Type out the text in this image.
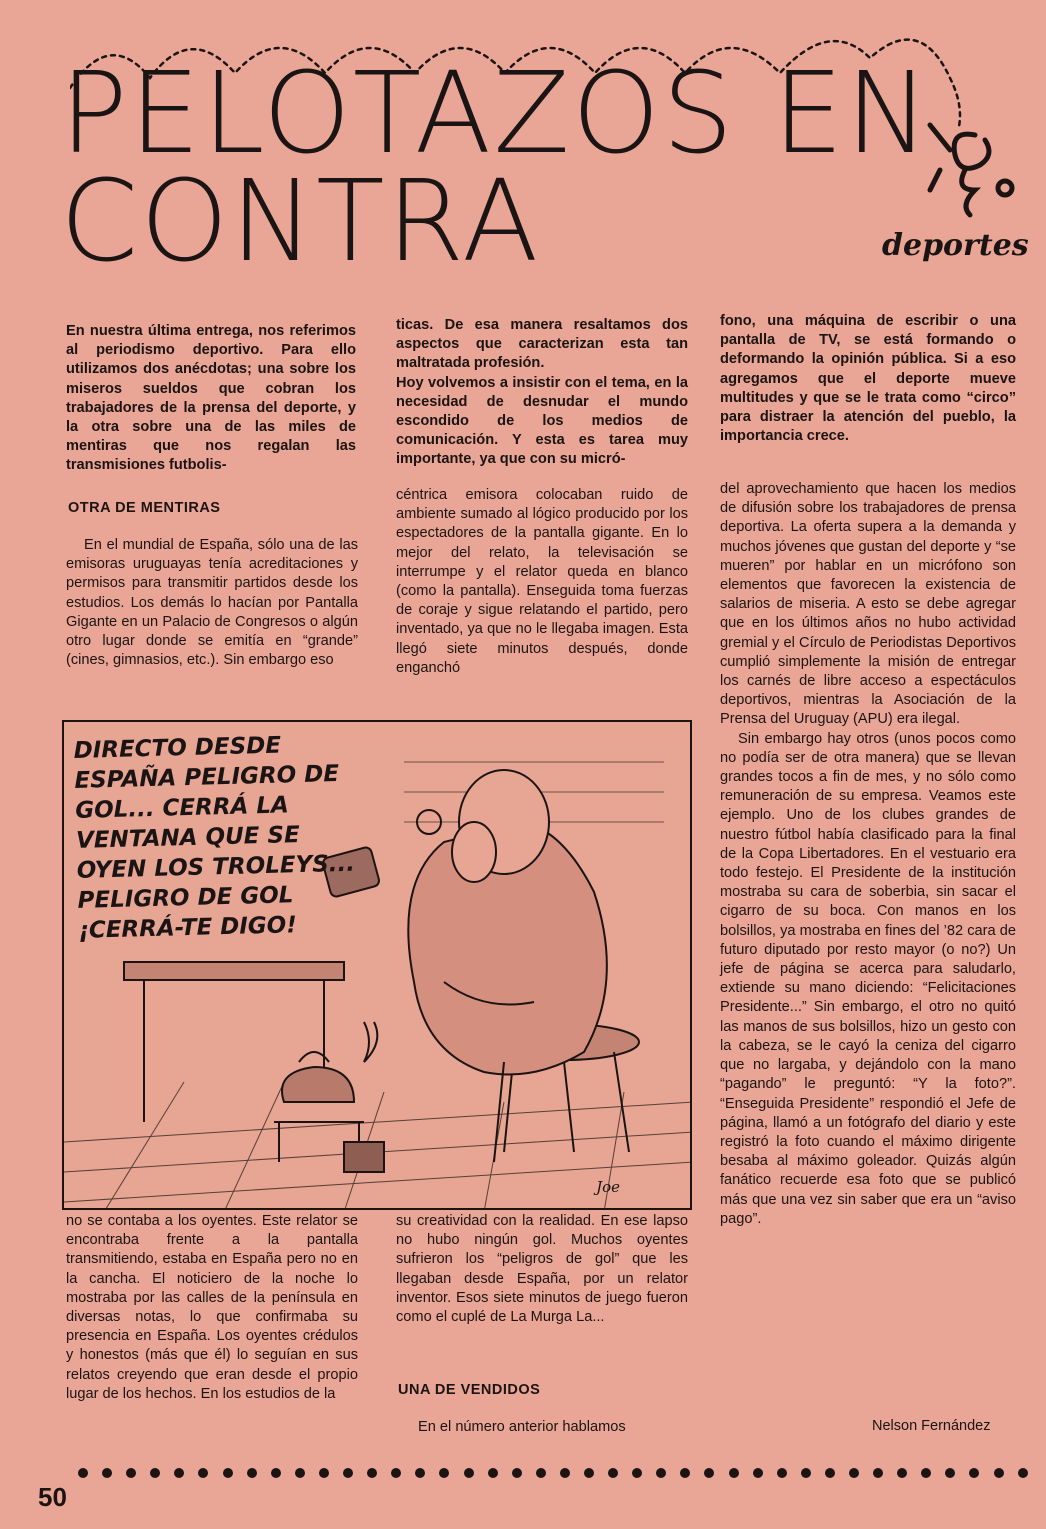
PELOTAZOS EN
CONTRA	deportes

En nuestra última entrega, nos referimos al periodismo deportivo. Para ello utilizamos dos anécdotas; una sobre los miseros sueldos que cobran los trabajadores de la prensa del deporte, y la otra sobre una de las miles de mentiras que nos regalan las transmisiones futbolis-

ticas. De esa manera resaltamos dos aspectos que caracterizan esta tan maltratada profesión.

Hoy volvemos a insistir con el tema, en la necesidad de desnudar el mundo escondido de los medios de comunicación. Y esta es tarea muy importante, ya que con su micró-

fono, una máquina de escribir o una pantalla de TV, se está formando o deformando la opinión pública. Si a eso agregamos que el deporte mueve multitudes y que se le trata como “circo” para distraer la atención del pueblo, la importancia crece.

OTRA DE MENTIRAS

En el mundial de España, sólo una de las emisoras uruguayas tenía acreditaciones y permisos para transmitir partidos desde los estudios. Los demás lo hacían por Pantalla Gigante en un Palacio de Congresos o algún otro lugar donde se emitía en “grande” (cines, gimnasios, etc.). Sin embargo eso

céntrica emisora colocaban ruido de ambiente sumado al lógico producido por los espectadores de la pantalla gigante. En lo mejor del relato, la televisación se interrumpe y el relator queda en blanco (como la pantalla). Enseguida toma fuerzas de coraje y sigue relatando el partido, pero inventado, ya que no le llegaba imagen. Esta llegó siete minutos después, donde enganchó

del aprovechamiento que hacen los medios de difusión sobre los trabajadores de prensa deportiva. La oferta supera a la demanda y muchos jóvenes que gustan del deporte y “se mueren” por hablar en un micrófono son elementos que favorecen la existencia de salarios de miseria. A esto se debe agregar que en los últimos años no hubo actividad gremial y el Círculo de Periodistas Deportivos cumplió simplemente la misión de entregar los carnés de libre acceso a espectáculos deportivos, mientras la Asociación de la Prensa del Uruguay (APU) era ilegal.

Sin embargo hay otros (unos pocos como no podía ser de otra manera) que se llevan grandes tocos a fin de mes, y no sólo como remuneración de su empresa. Veamos este ejemplo. Uno de los clubes grandes de nuestro fútbol había clasificado para la final de la Copa Libertadores. En el vestuario era todo festejo. El Presidente de la institución mostraba su cara de soberbia, sin sacar el cigarro de su boca. Con manos en los bolsillos, ya mostraba en fines del ’82 cara de futuro diputado por resto mayor (o no?) Un jefe de página se acerca para saludarlo, extiende su mano diciendo: “Felicitaciones Presidente...” Sin embargo, el otro no quitó las manos de sus bolsillos, hizo un gesto con la cabeza, se le cayó la ceniza del cigarro que no largaba, y dejándolo con la mano “pagando” le preguntó: “Y la foto?”. “Enseguida Presidente” respondió el Jefe de página, llamó a un fotógrafo del diario y este registró la foto cuando el máximo dirigente besaba al máximo goleador. Quizás algún fanático recuerde esa foto que se publicó más que una vez sin saber que era un “aviso pago”.

DIRECTO DESDE ESPAÑA PELIGRO DE GOL... CERRÁ LA VENTANA QUE SE OYEN LOS TROLEYS... PELIGRO DE GOL ¡CERRÁ-TE DIGO!
Joe

no se contaba a los oyentes. Este relator se encontraba frente a la pantalla transmitiendo, estaba en España pero no en la cancha. El noticiero de la noche lo mostraba por las calles de la península en diversas notas, lo que confirmaba su presencia en España. Los oyentes crédulos y honestos (más que él) lo seguían en sus relatos creyendo que eran desde el propio lugar de los hechos. En los estudios de la

su creatividad con la realidad. En ese lapso no hubo ningún gol. Muchos oyentes sufrieron los “peligros de gol” que les llegaban desde España, por un relator inventor. Esos siete minutos de juego fueron como el cuplé de La Murga La...

UNA DE VENDIDOS

En el número anterior hablamos	Nelson Fernández
50
